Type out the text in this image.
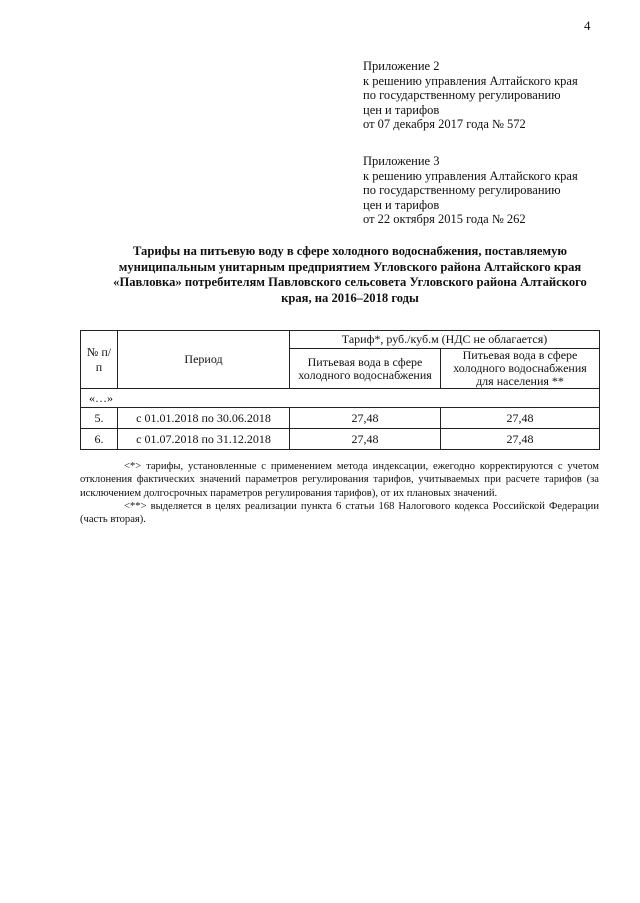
4
Приложение 2
к решению управления Алтайского края
по государственному регулированию
цен и тарифов
от 07 декабря 2017 года № 572
Приложение 3
к решению управления Алтайского края
по государственному регулированию
цен и тарифов
от 22 октября 2015 года № 262
Тарифы на питьевую воду в сфере холодного водоснабжения, поставляемую
муниципальным унитарным предприятием Угловского района Алтайского края
«Павловка» потребителям Павловского сельсовета Угловского района Алтайского
края, на 2016–2018 годы
№ п/п	Период	Тариф*, руб./куб.м (НДС не облагается)	
		Питьевая вода в сфере холодного водоснабжения	Питьевая вода в сфере холодного водоснабжения для населения **
«…»			
5.	с 01.01.2018 по 30.06.2018	27,48	27,48
6.	с 01.07.2018 по 31.12.2018	27,48	27,48

<*> тарифы, установленные с применением метода индексации, ежегодно корректируются с учетом отклонения фактических значений параметров регулирования тарифов, учитываемых при расчете тарифов (за исключением долгосрочных параметров регулирования тарифов), от их плановых значений.

<**> выделяется в целях реализации пункта 6 статьи 168 Налогового кодекса Российской Федерации (часть вторая).
